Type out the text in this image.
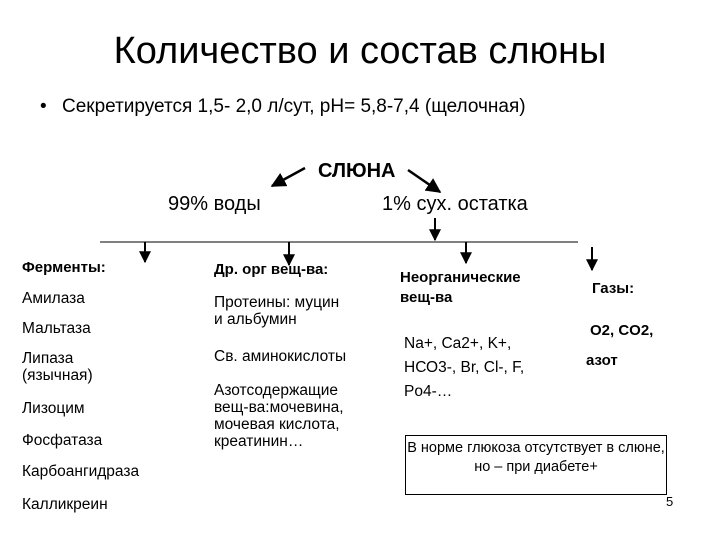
Количество и состав слюны
• Секретируется 1,5- 2,0 л/сут, рН= 5,8-7,4 (щелочная)
СЛЮНА
99% воды	1% сух. остатка
Ферменты:
Амилаза
Мальтаза
Липаза
(язычная)
Лизоцим
Фосфатаза
Карбоангидраза
Калликреин
Др. орг вещ-ва:
Протеины: муцин
и альбумин
Св. аминокислоты
Азотсодержащие
вещ-ва:мочевина,
мочевая кислота,
креатинин…
Неорганические
вещ-ва
Na+, Ca2+, K+,
НСО3-, Br, Cl-, F,
Po4-…
Газы:
O2, CO2,
азот
В норме глюкоза отсутствует в слюне, но – при диабете+
5
